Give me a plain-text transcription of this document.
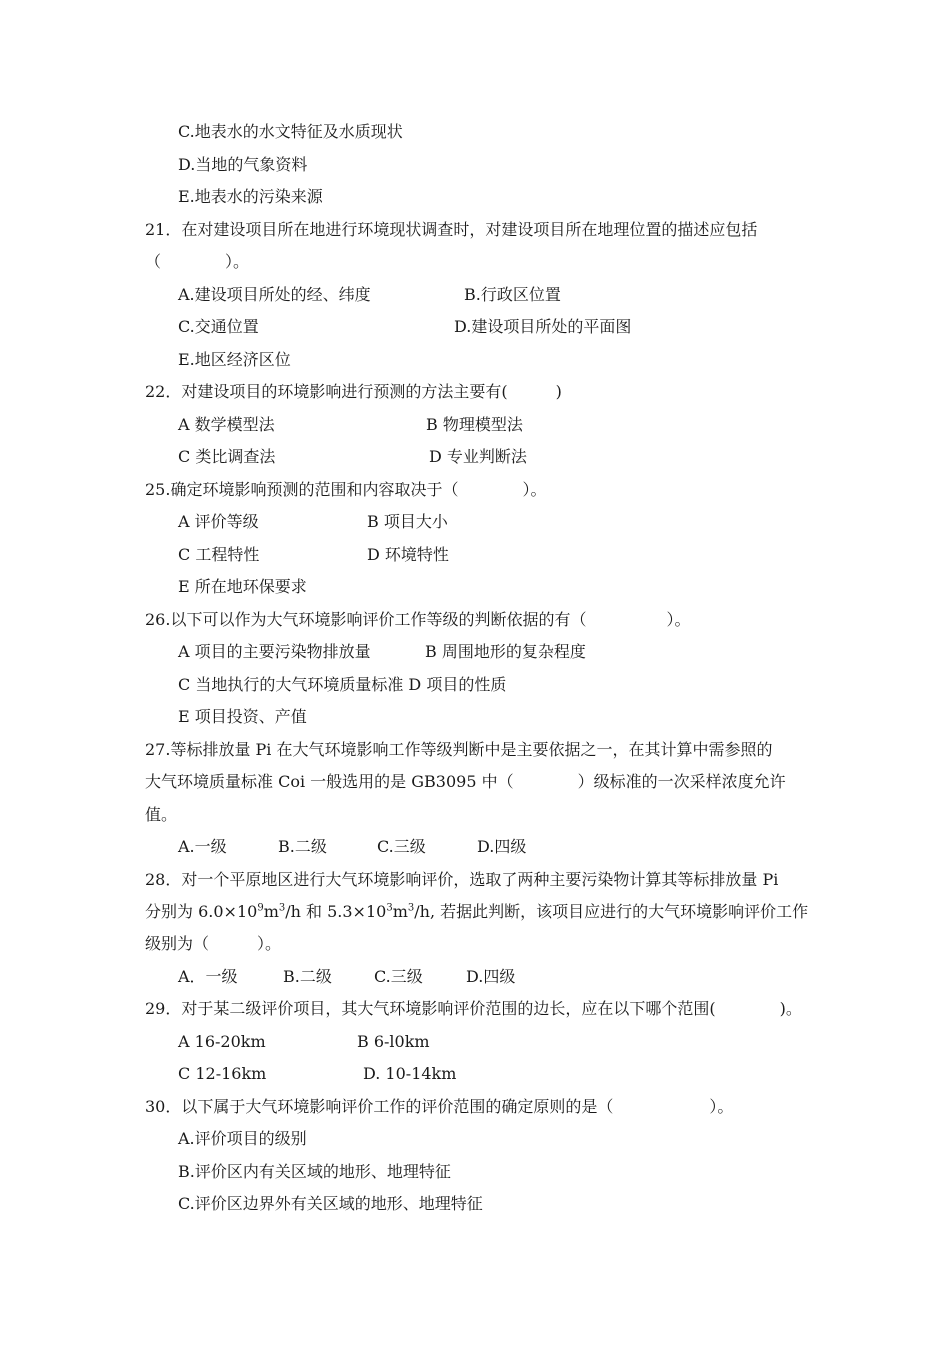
C.地表水的水文特征及水质现状
D.当地的气象资料
E.地表水的污染来源
21．在对建设项目所在地进行环境现状调查时，对建设项目所在地理位置的描述应包括
（　　　　）。
A.建设项目所处的经、纬度	B.行政区位置
C.交通位置	D.建设项目所处的平面图
E.地区经济区位
22．对建设项目的环境影响进行预测的方法主要有(　　　)
A 数学模型法	B 物理模型法
C 类比调查法	D 专业判断法
25.确定环境影响预测的范围和内容取决于（　　　　）。
A 评价等级	B 项目大小
C 工程特性	D 环境特性
E 所在地环保要求
26.以下可以作为大气环境影响评价工作等级的判断依据的有（　　　　　）。
A 项目的主要污染物排放量	B 周围地形的复杂程度
C 当地执行的大气环境质量标准 D 项目的性质
E 项目投资、产值
27.等标排放量 Pi 在大气环境影响工作等级判断中是主要依据之一，在其计算中需参照的
大气环境质量标准 Coi 一般选用的是 GB3095 中（　　　　）级标准的一次采样浓度允许
值。
A.一级	B.二级	C.三级	D.四级
28．对一个平原地区进行大气环境影响评价，选取了两种主要污染物计算其等标排放量 Pi
分别为 $6.0\times 10^9m^3/h$ 和 $5.3\times 10^3m^3/h$, 若据此判断，该项目应进行的大气环境影响评价工作
级别为（　　　）。
A．一级	B.二级	C.三级	D.四级
29．对于某二级评价项目，其大气环境影响评价范围的边长，应在以下哪个范围(　　　　)。
A 16-20km	B 6-l0km
C 12-16km	D. 10-14km
30．以下属于大气环境影响评价工作的评价范围的确定原则的是（　　　　　　）。
A.评价项目的级别
B.评价区内有关区域的地形、地理特征
C.评价区边界外有关区域的地形、地理特征
